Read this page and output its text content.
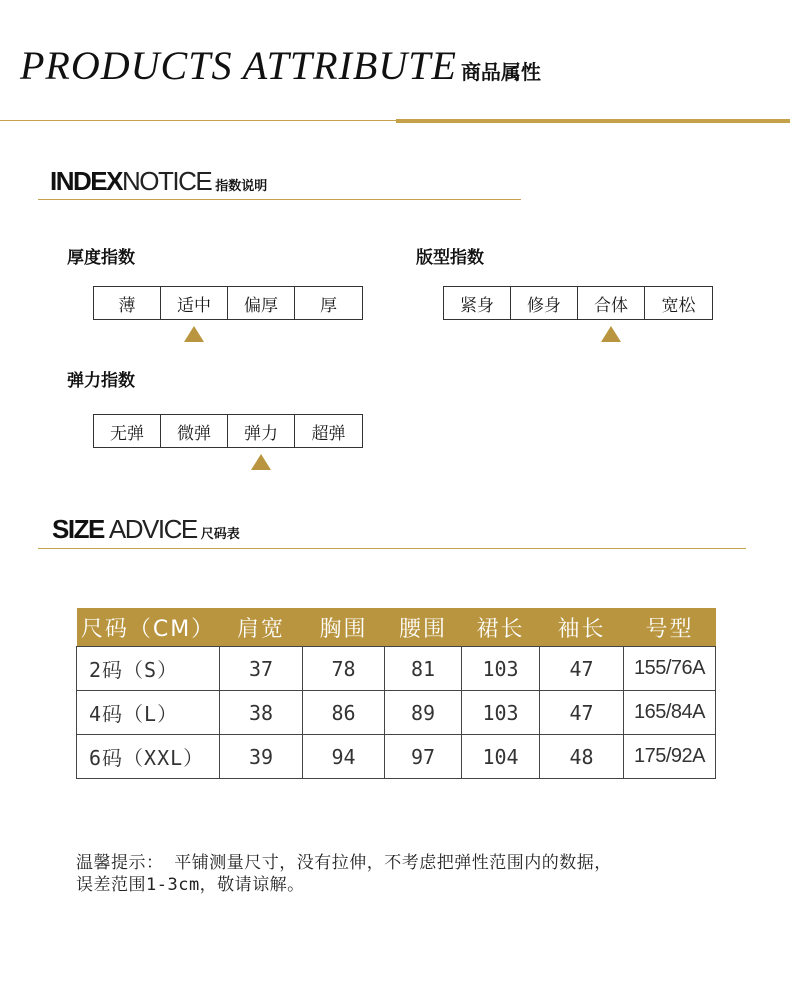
PRODUCTS ATTRIBUTE 商品属性
INDEXNOTICE 指数说明
厚度指数
薄	适中	偏厚	厚
版型指数
紧身	修身	合体	宽松
弹力指数
无弹	微弹	弹力	超弹
SIZE ADVICE 尺码表
尺码（CM）	肩宽	胸围	腰围	裙长	袖长	号型
2码（S）	37	78	81	103	47	155/76A
4码（L）	38	86	89	103	47	165/84A
6码（XXL）	39	94	97	104	48	175/92A
温馨提示： 平铺测量尺寸，没有拉伸，不考虑把弹性范围内的数据，
误差范围1-3cm，敬请谅解。
